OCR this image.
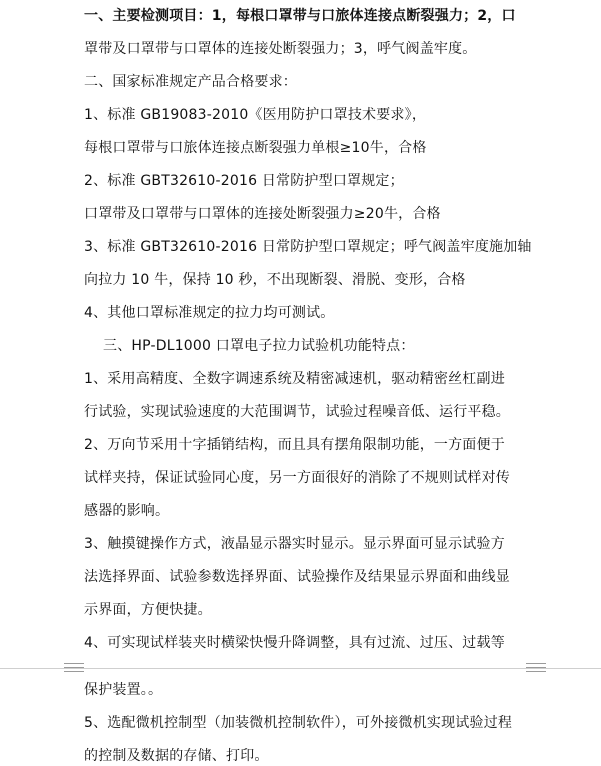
一、主要检测项目：1，每根口罩带与口旅体连接点断裂强力；2，口
罩带及口罩带与口罩体的连接处断裂强力；3，呼气阀盖牢度。
二、国家标准规定产品合格要求：
1、标准 GB19083-2010《医用防护口罩技术要求》，
每根口罩带与口旅体连接点断裂强力单根≥10牛，合格
2、标准 GBT32610-2016 日常防护型口罩规定；
口罩带及口罩带与口罩体的连接处断裂强力≥20牛，合格
3、标准 GBT32610-2016 日常防护型口罩规定；呼气阀盖牢度施加轴
向拉力 10 牛，保持 10 秒，不出现断裂、滑脱、变形，合格
4、其他口罩标准规定的拉力均可测试。
三、HP-DL1000 口罩电子拉力试验机功能特点：
1、采用高精度、全数字调速系统及精密减速机，驱动精密丝杠副进
行试验，实现试验速度的大范围调节，试验过程噪音低、运行平稳。
2、万向节采用十字插销结构，而且具有摆角限制功能，一方面便于
试样夹持，保证试验同心度，另一方面很好的消除了不规则试样对传
感器的影响。
3、触摸键操作方式，液晶显示器实时显示。显示界面可显示试验方
法选择界面、试验参数选择界面、试验操作及结果显示界面和曲线显
示界面，方便快捷。
4、可实现试样装夹时横梁快慢升降调整，具有过流、过压、过载等
保护装置。。
5、选配微机控制型（加装微机控制软件），可外接微机实现试验过程
的控制及数据的存储、打印。
